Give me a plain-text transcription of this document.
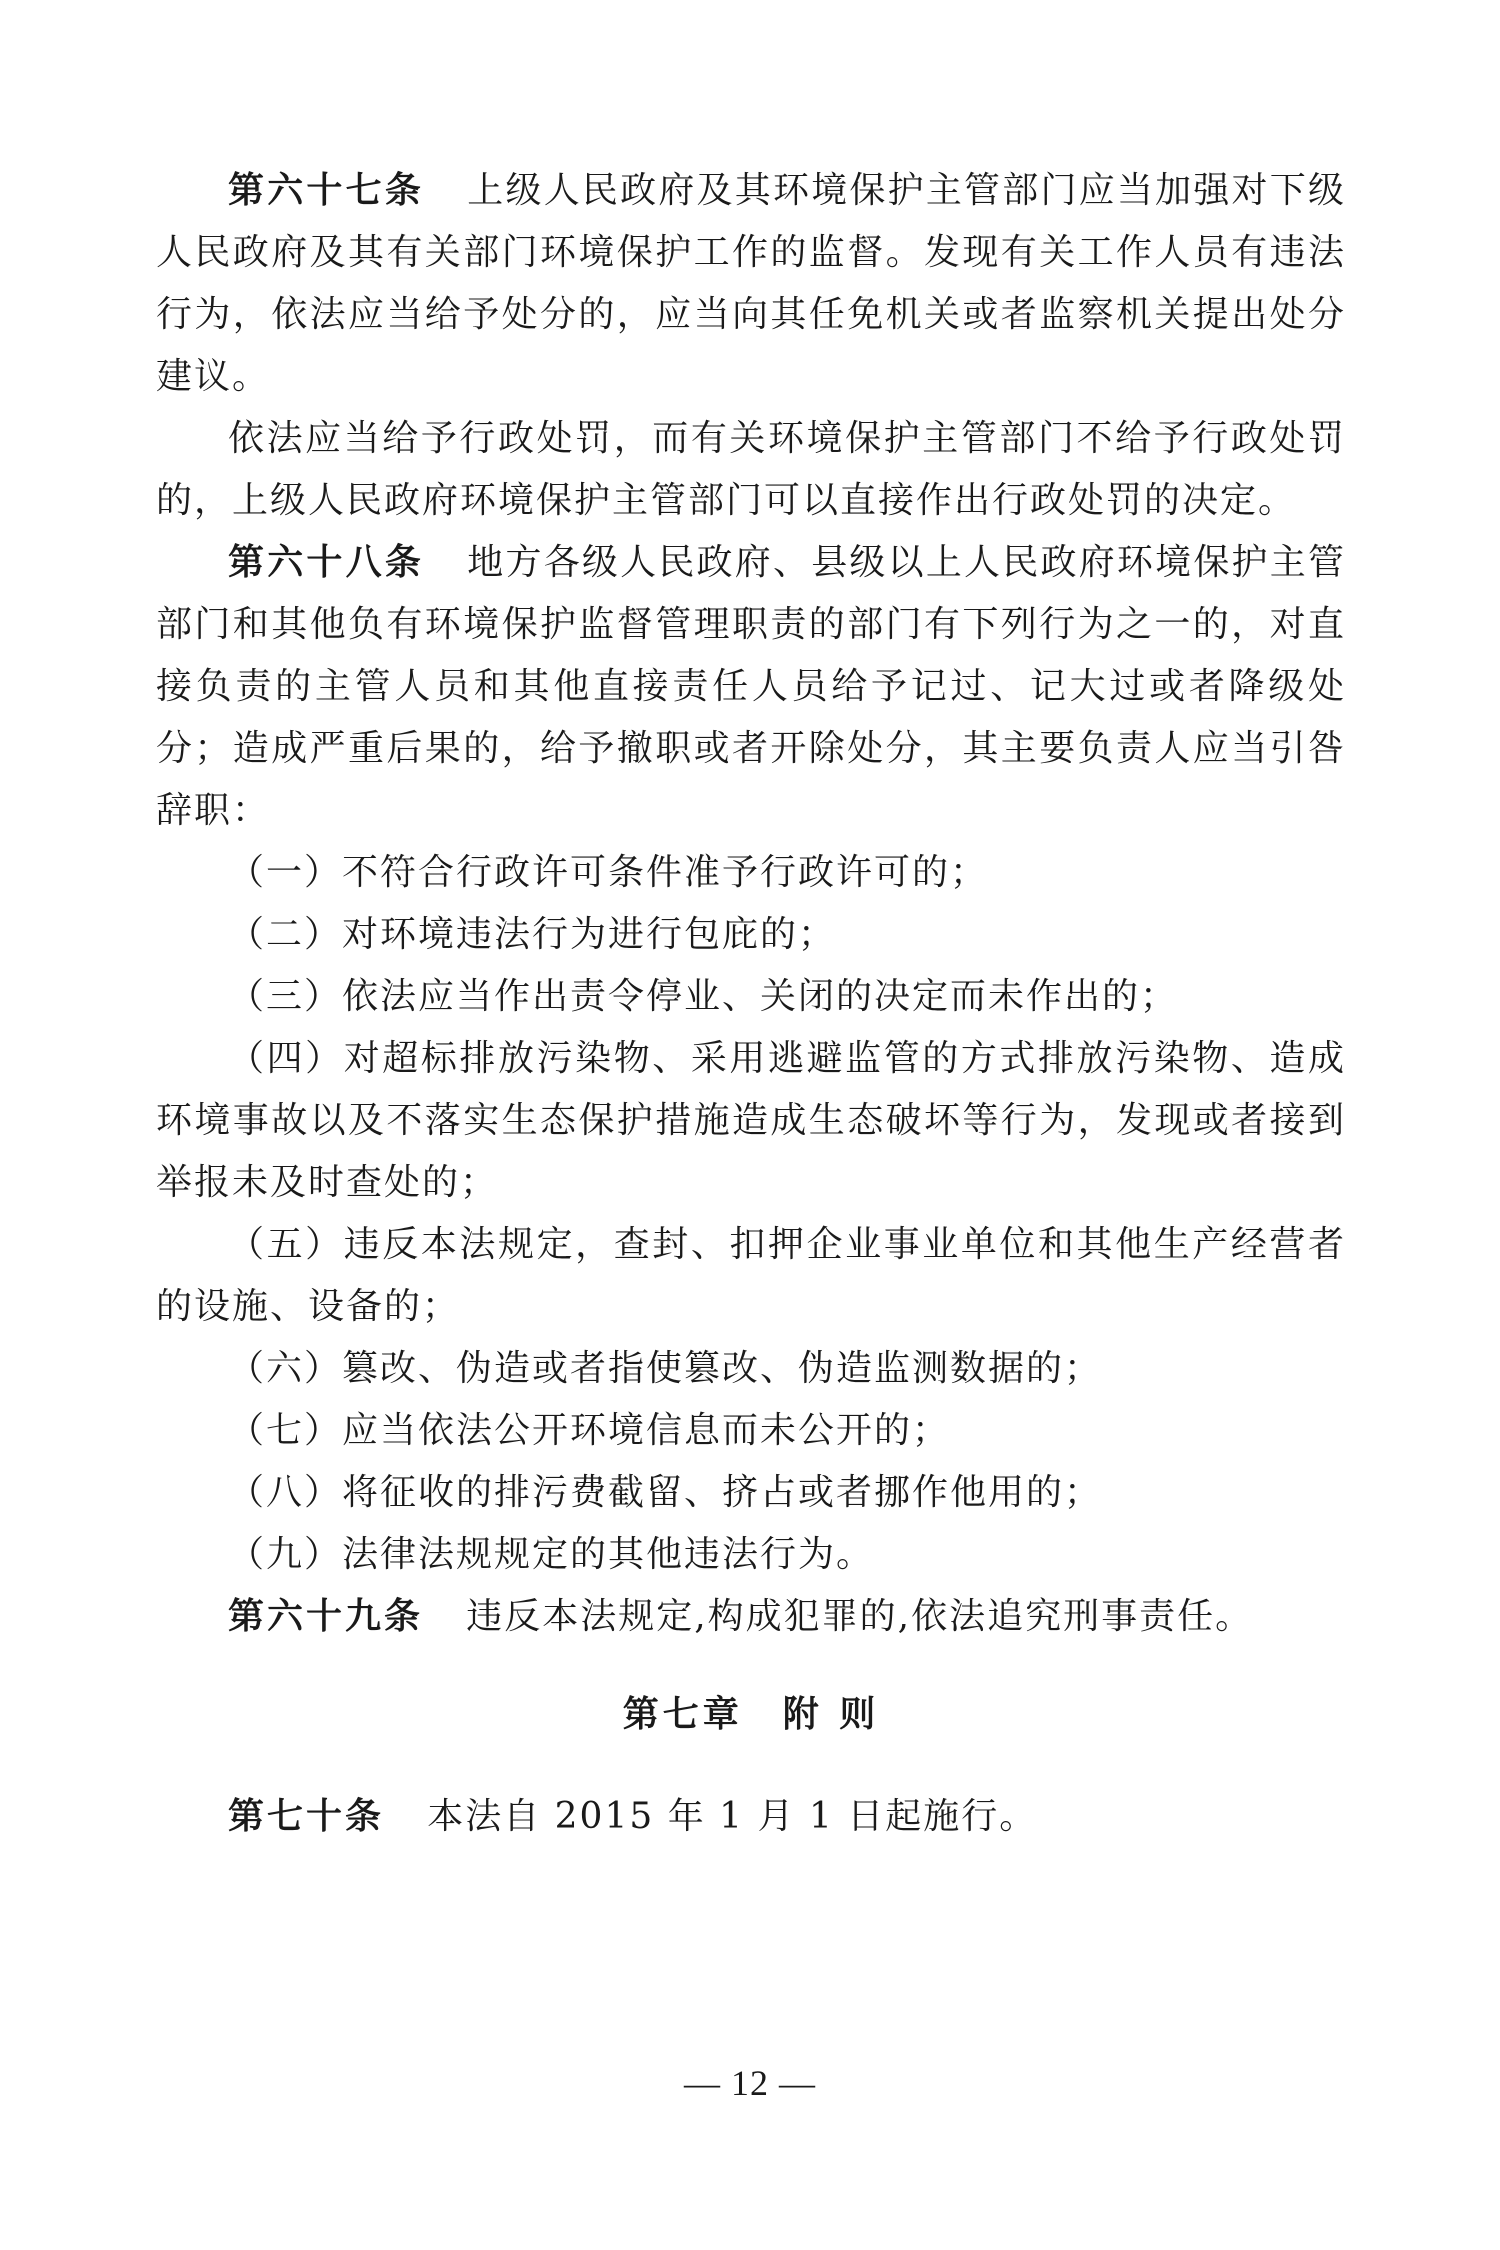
第六十七条 上级人民政府及其环境保护主管部门应当加强对下级人民政府及其有关部门环境保护工作的监督。发现有关工作人员有违法行为，依法应当给予处分的，应当向其任免机关或者监察机关提出处分建议。

依法应当给予行政处罚，而有关环境保护主管部门不给予行政处罚的，上级人民政府环境保护主管部门可以直接作出行政处罚的决定。

第六十八条 地方各级人民政府、县级以上人民政府环境保护主管部门和其他负有环境保护监督管理职责的部门有下列行为之一的，对直接负责的主管人员和其他直接责任人员给予记过、记大过或者降级处分；造成严重后果的，给予撤职或者开除处分，其主要负责人应当引咎辞职：

（一）不符合行政许可条件准予行政许可的；

（二）对环境违法行为进行包庇的；

（三）依法应当作出责令停业、关闭的决定而未作出的；

（四）对超标排放污染物、采用逃避监管的方式排放污染物、造成环境事故以及不落实生态保护措施造成生态破坏等行为，发现或者接到举报未及时查处的；

（五）违反本法规定，查封、扣押企业事业单位和其他生产经营者的设施、设备的；

（六）篡改、伪造或者指使篡改、伪造监测数据的；

（七）应当依法公开环境信息而未公开的；

（八）将征收的排污费截留、挤占或者挪作他用的；

（九）法律法规规定的其他违法行为。

第六十九条 违反本法规定,构成犯罪的,依法追究刑事责任。

第七章　附 则

第七十条 本法自 2015 年 1 月 1 日起施行。

— 12 —
